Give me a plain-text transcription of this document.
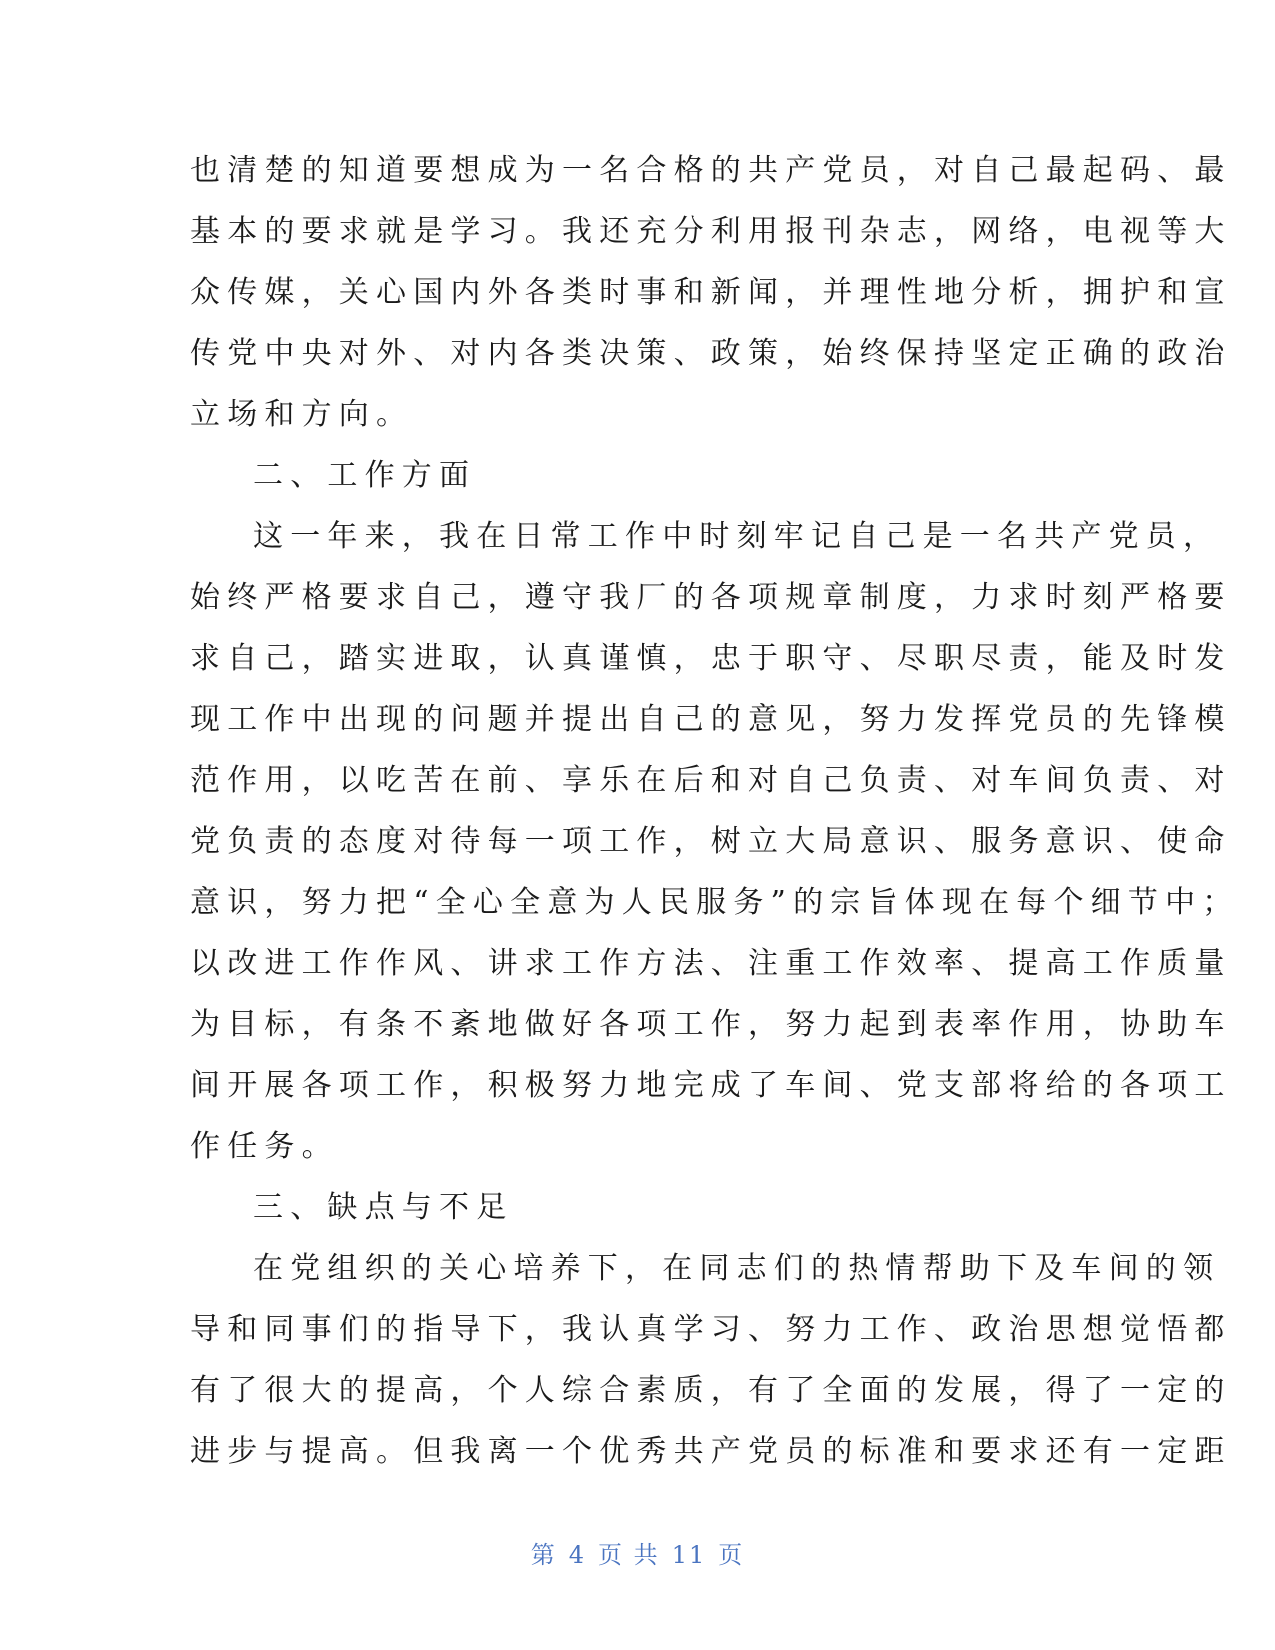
也清楚的知道要想成为一名合格的共产党员，对自己最起码、最
基本的要求就是学习。我还充分利用报刊杂志，网络，电视等大
众传媒，关心国内外各类时事和新闻，并理性地分析，拥护和宣
传党中央对外、对内各类决策、政策，始终保持坚定正确的政治
立场和方向。
二、工作方面
这一年来，我在日常工作中时刻牢记自己是一名共产党员，
始终严格要求自己，遵守我厂的各项规章制度，力求时刻严格要
求自己，踏实进取，认真谨慎，忠于职守、尽职尽责，能及时发
现工作中出现的问题并提出自己的意见，努力发挥党员的先锋模
范作用，以吃苦在前、享乐在后和对自己负责、对车间负责、对
党负责的态度对待每一项工作，树立大局意识、服务意识、使命
意识，努力把“全心全意为人民服务”的宗旨体现在每个细节中；
以改进工作作风、讲求工作方法、注重工作效率、提高工作质量
为目标，有条不紊地做好各项工作，努力起到表率作用，协助车
间开展各项工作，积极努力地完成了车间、党支部将给的各项工
作任务。
三、缺点与不足
在党组织的关心培养下，在同志们的热情帮助下及车间的领
导和同事们的指导下，我认真学习、努力工作、政治思想觉悟都
有了很大的提高，个人综合素质，有了全面的发展，得了一定的
进步与提高。但我离一个优秀共产党员的标准和要求还有一定距
第 4 页 共 11 页
